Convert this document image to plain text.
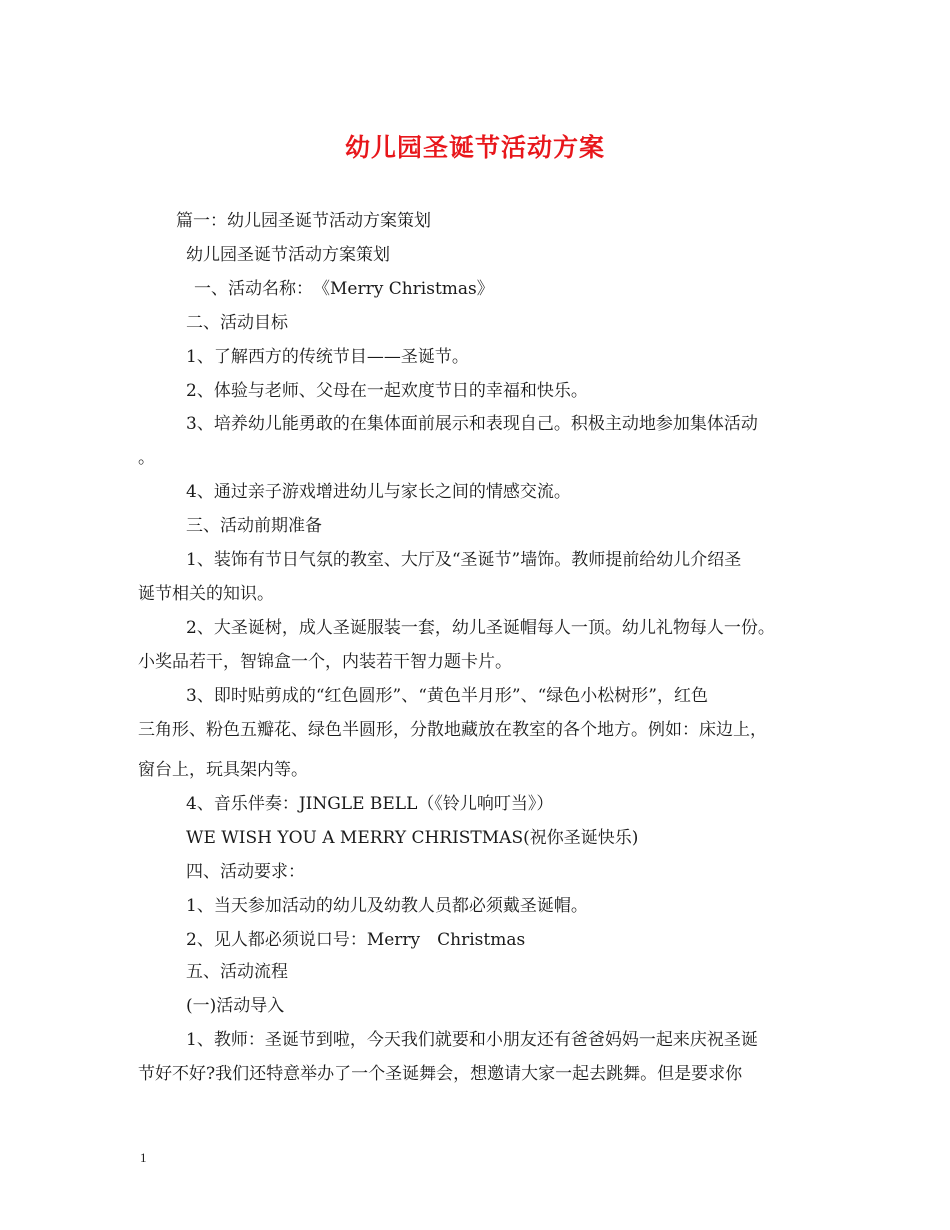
幼儿园圣诞节活动方案
篇一：幼儿园圣诞节活动方案策划
幼儿园圣诞节活动方案策划
一、活动名称：　《Merry Christmas》
二、活动目标
1、了解西方的传统节目——圣诞节。
2、体验与老师、父母在一起欢度节日的幸福和快乐。
3、培养幼儿能勇敢的在集体面前展示和表现自己。积极主动地参加集体活动
。
4、通过亲子游戏增进幼儿与家长之间的情感交流。
三、活动前期准备
1、装饰有节日气氛的教室、大厅及“圣诞节”墙饰。教师提前给幼儿介绍圣
诞节相关的知识。
2、大圣诞树，成人圣诞服装一套，幼儿圣诞帽每人一顶。幼儿礼物每人一份。
小奖品若干，智锦盒一个，内装若干智力题卡片。
3、即时贴剪成的“红色圆形”、“黄色半月形”、“绿色小松树形”，红色
三角形、粉色五瓣花、绿色半圆形，分散地藏放在教室的各个地方。例如：床边上，
窗台上，玩具架内等。
4、音乐伴奏：JINGLE BELL（《铃儿响叮当》）
WE WISH YOU A MERRY CHRISTMAS(祝你圣诞快乐)
四、活动要求：
1、当天参加活动的幼儿及幼教人员都必须戴圣诞帽。
2、见人都必须说口号：Merry　Christmas
五、活动流程
(一)活动导入
1、教师：圣诞节到啦，今天我们就要和小朋友还有爸爸妈妈一起来庆祝圣诞
节好不好?我们还特意举办了一个圣诞舞会，想邀请大家一起去跳舞。但是要求你
1
